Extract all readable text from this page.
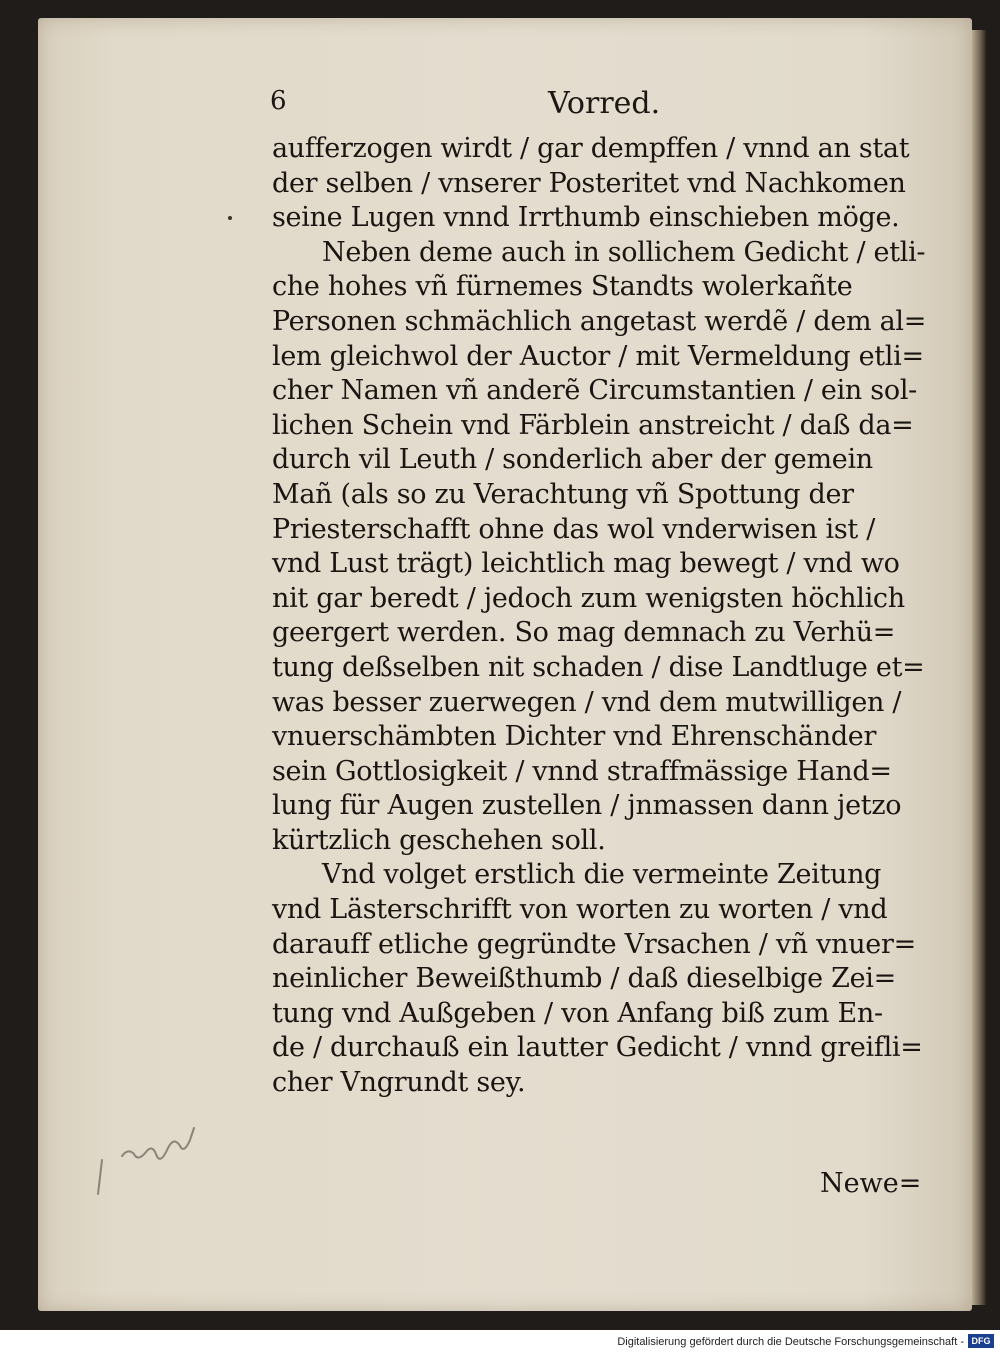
6	Vorred.
aufferzogen wirdt / gar dempffen / vnnd an stat
der selben / vnserer Posteritet vnd Nachkomen
seine Lugen vnnd Irrthumb einschieben möge.
Neben deme auch in sollichem Gedicht / etli-
che hohes vñ fürnemes Standts wolerkañte
Personen schmächlich angetast werdẽ / dem al=
lem gleichwol der Auctor / mit Vermeldung etli=
cher Namen vñ anderẽ Circumstantien / ein sol-
lichen Schein vnd Färblein anstreicht / daß da=
durch vil Leuth / sonderlich aber der gemein
Mañ (als so zu Verachtung vñ Spottung der
Priesterschafft ohne das wol vnderwisen ist /
vnd Lust trägt) leichtlich mag bewegt / vnd wo
nit gar beredt / jedoch zum wenigsten höchlich
geergert werden. So mag demnach zu Verhü=
tung deßselben nit schaden / dise Landtluge et=
was besser zuerwegen / vnd dem mutwilligen /
vnuerschämbten Dichter vnd Ehrenschänder
sein Gottlosigkeit / vnnd straffmässige Hand=
lung für Augen zustellen / jnmassen dann jetzo
kürtzlich geschehen soll.
Vnd volget erstlich die vermeinte Zeitung
vnd Lästerschrifft von worten zu worten / vnd
darauff etliche gegründte Vrsachen / vñ vnuer=
neinlicher Beweißthumb / daß dieselbige Zei=
tung vnd Außgeben / von Anfang biß zum En-
de / durchauß ein lautter Gedicht / vnnd greifli=
cher Vngrundt sey.
Newe=
Digitalisierung gefördert durch die Deutsche Forschungsgemeinschaft - DFG
